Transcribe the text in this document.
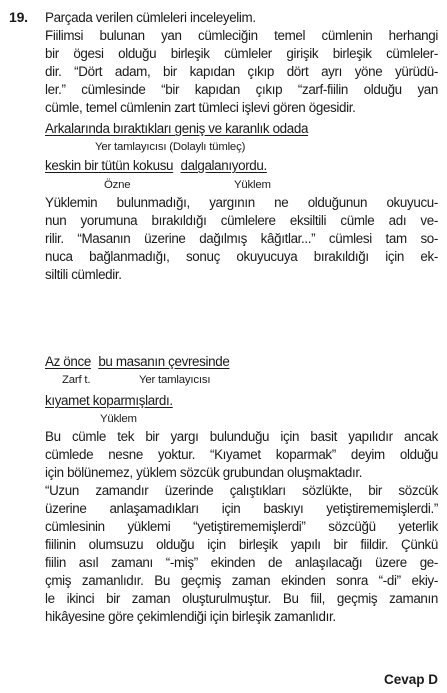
19. Parçada verilen cümleleri inceleyelim.
Fiilimsi bulunan yan cümleciğin temel cümlenin herhangi
bir ögesi olduğu birleşik cümleler girişik birleşik cümleler-
dir. “Dört adam, bir kapıdan çıkıp dört ayrı yöne yürüdü-
ler.” cümlesinde “bir kapıdan çıkıp “zarf-fiilin olduğu yan
cümle, temel cümlenin zart tümleci işlevi gören ögesidir.
Arkalarında bıraktıkları geniş ve karanlık odada
Yer tamlayıcısı (Dolaylı tümleç)
keskin bir tütün kokusu dalgalanıyordu.
Özne	Yüklem
Yüklemin bulunmadığı, yargının ne olduğunun okuyucu-
nun yorumuna bırakıldığı cümlelere eksiltili cümle adı ve-
rilir. “Masanın üzerine dağılmış kâğıtlar...” cümlesi tam so-
nuca bağlanmadığı, sonuç okuyucuya bırakıldığı için ek-
siltili cümledir.
Az önce bu masanın çevresinde
Zarf t.	Yer tamlayıcısı
kıyamet koparmışlardı.
Yüklem
Bu cümle tek bir yargı bulunduğu için basit yapılıdır ancak
cümlede nesne yoktur. “Kıyamet koparmak” deyim olduğu
için bölünemez, yüklem sözcük grubundan oluşmaktadır.
“Uzun zamandır üzerinde çalıştıkları sözlükte, bir sözcük
üzerine anlaşamadıkları için baskıyı yetiştirememişlerdi.”
cümlesinin yüklemi “yetiştirememişlerdi” sözcüğü yeterlik
fiilinin olumsuzu olduğu için birleşik yapılı bir fiildir. Çünkü
fiilin asıl zamanı “-miş” ekinden de anlaşılacağı üzere ge-
çmiş zamanlıdır. Bu geçmiş zaman ekinden sonra “-di” ekiy-
le ikinci bir zaman oluşturulmuştur. Bu fiil, geçmiş zamanın
hikâyesine göre çekimlendiği için birleşik zamanlıdır.
Cevap D
